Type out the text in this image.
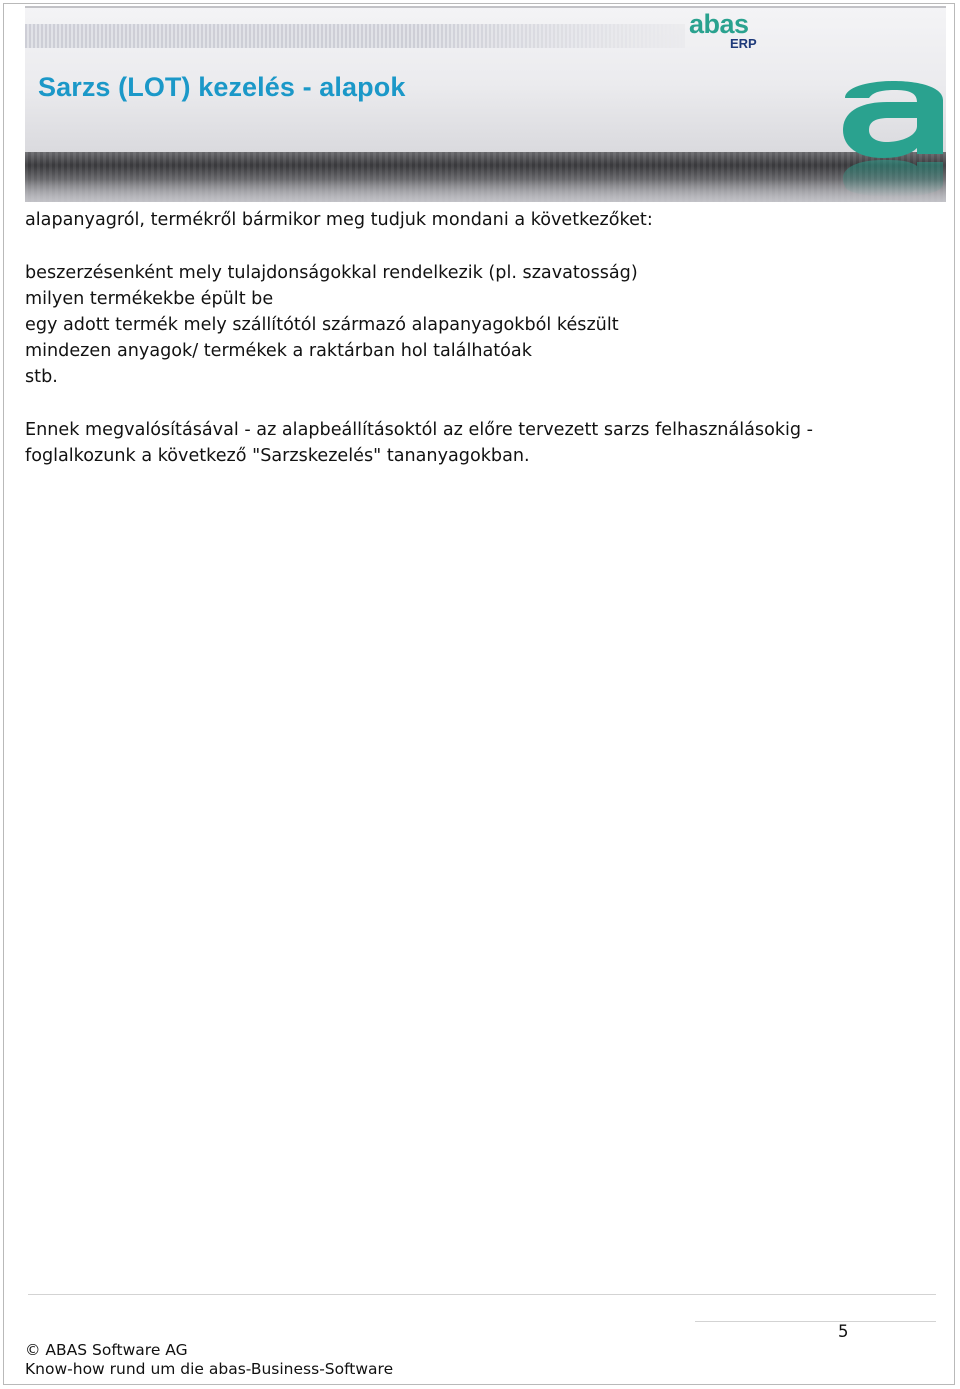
Sarzs (LOT) kezelés - alapok
abas
ERP

alapanyagról, termékről bármikor meg tudjuk mondani a következőket:

beszerzésenként mely tulajdonságokkal rendelkezik (pl. szavatosság)

milyen termékekbe épült be

egy adott termék mely szállítótól származó alapanyagokból készült

mindezen anyagok/ termékek a raktárban hol találhatóak

stb.

Ennek megvalósításával - az alapbeállításoktól az előre tervezett sarzs felhasználásokig -

foglalkozunk a következő "Sarzskezelés" tananyagokban.

5

© ABAS Software AG

Know-how rund um die abas-Business-Software
